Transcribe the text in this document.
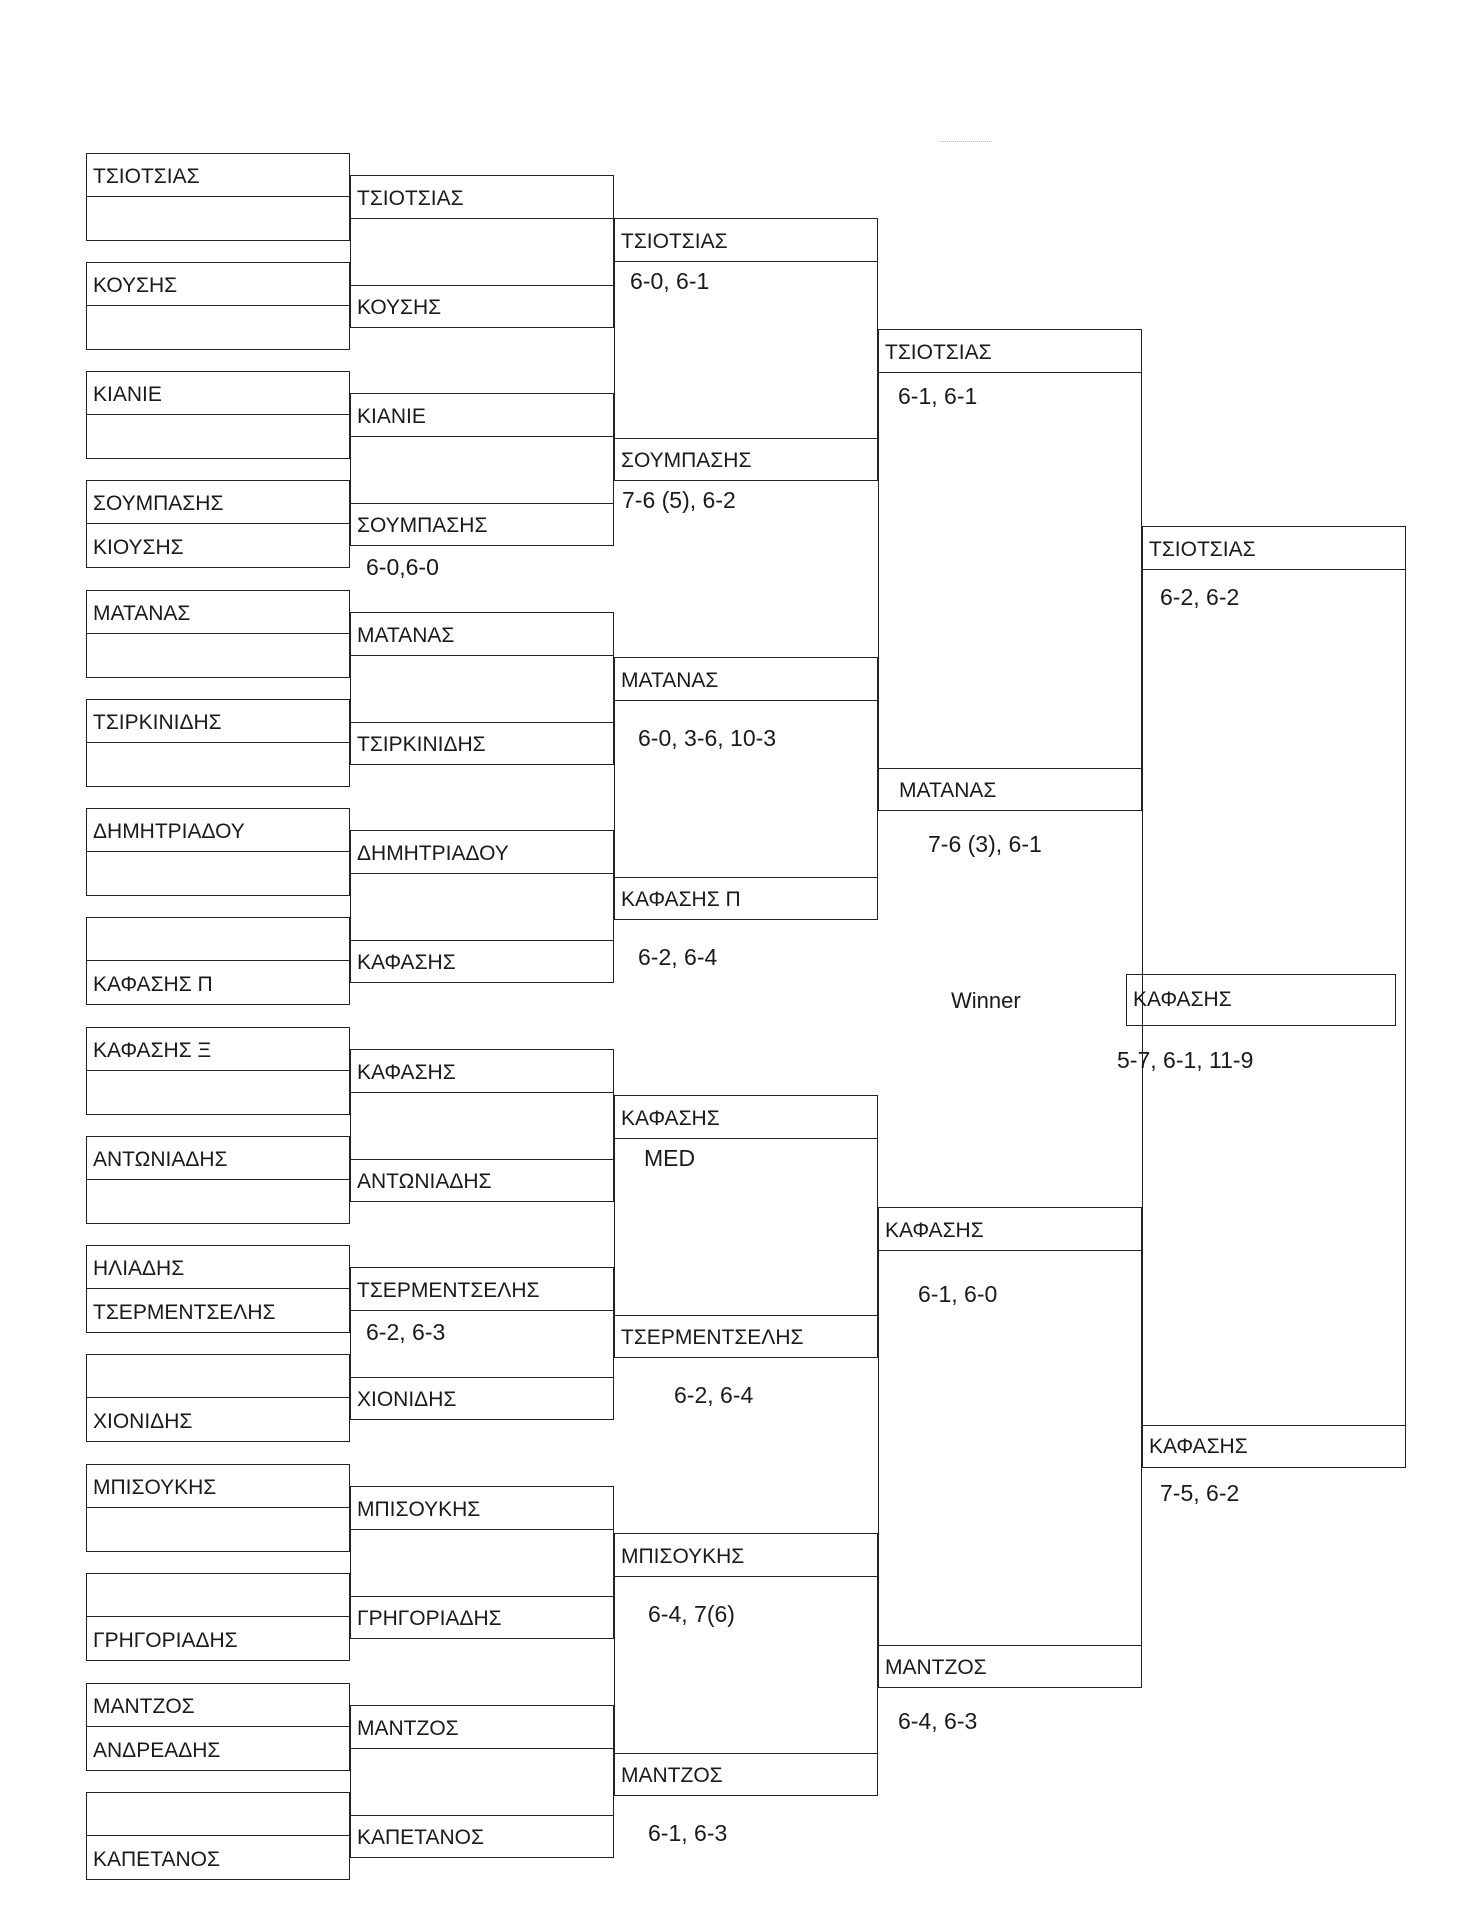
ΤΣΙΟΤΣΙΑΣ
ΚΟΥΣΗΣ
ΚΙΑΝΙΕ
ΣΟΥΜΠΑΣΗΣ
ΚΙΟΥΣΗΣ
ΜΑΤΑΝΑΣ
ΤΣΙΡΚΙΝΙΔΗΣ
ΔΗΜΗΤΡΙΑΔΟΥ
ΚΑΦΑΣΗΣ Π
ΚΑΦΑΣΗΣ Ξ
ΑΝΤΩΝΙΑΔΗΣ
ΗΛΙΑΔΗΣ
ΤΣΕΡΜΕΝΤΣΕΛΗΣ
ΧΙΟΝΙΔΗΣ
ΜΠΙΣΟΥΚΗΣ
ΓΡΗΓΟΡΙΑΔΗΣ
ΜΑΝΤΖΟΣ
ΑΝΔΡΕΑΔΗΣ
ΚΑΠΕΤΑΝΟΣ
ΤΣΙΟΤΣΙΑΣ
ΚΟΥΣΗΣ
ΚΙΑΝΙΕ
ΣΟΥΜΠΑΣΗΣ
6-0,6-0
ΜΑΤΑΝΑΣ
ΤΣΙΡΚΙΝΙΔΗΣ
ΔΗΜΗΤΡΙΑΔΟΥ
ΚΑΦΑΣΗΣ
ΚΑΦΑΣΗΣ
ΑΝΤΩΝΙΑΔΗΣ
ΤΣΕΡΜΕΝΤΣΕΛΗΣ
ΧΙΟΝΙΔΗΣ
6-2, 6-3
ΜΠΙΣΟΥΚΗΣ
ΓΡΗΓΟΡΙΑΔΗΣ
ΜΑΝΤΖΟΣ
ΚΑΠΕΤΑΝΟΣ
ΤΣΙΟΤΣΙΑΣ
ΣΟΥΜΠΑΣΗΣ
6-0, 6-1
7-6 (5), 6-2
ΜΑΤΑΝΑΣ
ΚΑΦΑΣΗΣ Π
6-0, 3-6, 10-3
6-2, 6-4
ΚΑΦΑΣΗΣ
ΤΣΕΡΜΕΝΤΣΕΛΗΣ
MED
6-2, 6-4
ΜΠΙΣΟΥΚΗΣ
ΜΑΝΤΖΟΣ
6-4, 7(6)
6-1, 6-3
ΤΣΙΟΤΣΙΑΣ
ΜΑΤΑΝΑΣ
6-1, 6-1
7-6 (3), 6-1
ΚΑΦΑΣΗΣ
ΜΑΝΤΖΟΣ
6-1, 6-0
6-4, 6-3
ΤΣΙΟΤΣΙΑΣ
ΚΑΦΑΣΗΣ
6-2, 6-2
7-5, 6-2
Winner	ΚΑΦΑΣΗΣ
5-7, 6-1, 11-9
